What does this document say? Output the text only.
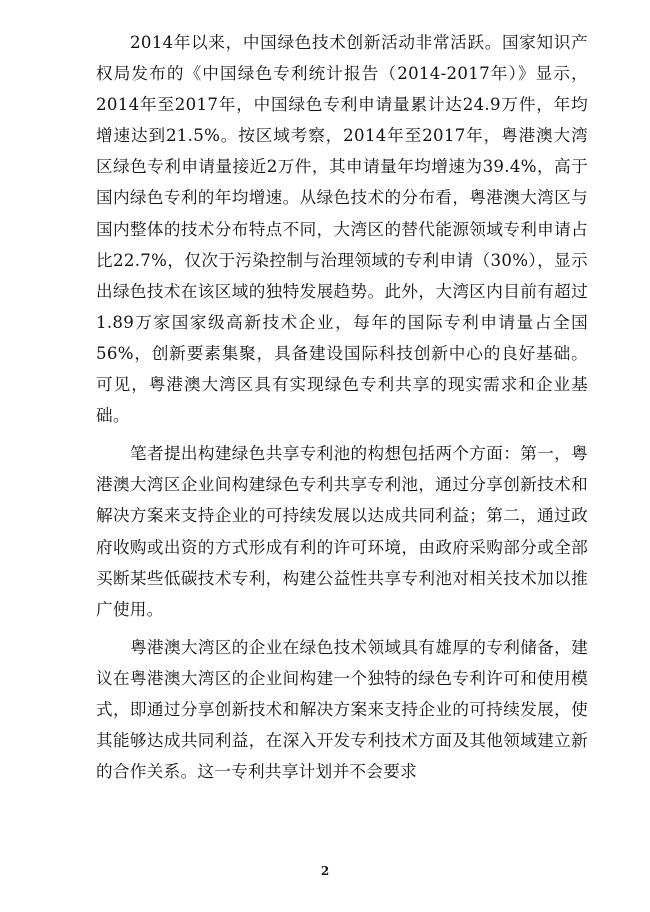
2014年以来，中国绿色技术创新活动非常活跃。国家知识产权局发布的《中国绿色专利统计报告（2014-2017年）》显示，2014年至2017年，中国绿色专利申请量累计达24.9万件，年均增速达到21.5%。按区域考察，2014年至2017年，粤港澳大湾区绿色专利申请量接近2万件，其申请量年均增速为39.4%，高于国内绿色专利的年均增速。从绿色技术的分布看，粤港澳大湾区与国内整体的技术分布特点不同，大湾区的替代能源领域专利申请占比22.7%，仅次于污染控制与治理领域的专利申请（30%），显示出绿色技术在该区域的独特发展趋势。此外，大湾区内目前有超过1.89万家国家级高新技术企业，每年的国际专利申请量占全国56%，创新要素集聚，具备建设国际科技创新中心的良好基础。可见，粤港澳大湾区具有实现绿色专利共享的现实需求和企业基础。

笔者提出构建绿色共享专利池的构想包括两个方面：第一，粤港澳大湾区企业间构建绿色专利共享专利池，通过分享创新技术和解决方案来支持企业的可持续发展以达成共同利益；第二，通过政府收购或出资的方式形成有利的许可环境，由政府采购部分或全部买断某些低碳技术专利，构建公益性共享专利池对相关技术加以推广使用。

粤港澳大湾区的企业在绿色技术领域具有雄厚的专利储备，建议在粤港澳大湾区的企业间构建一个独特的绿色专利许可和使用模式，即通过分享创新技术和解决方案来支持企业的可持续发展，使其能够达成共同利益，在深入开发专利技术方面及其他领域建立新的合作关系。这一专利共享计划并不会要求

2
